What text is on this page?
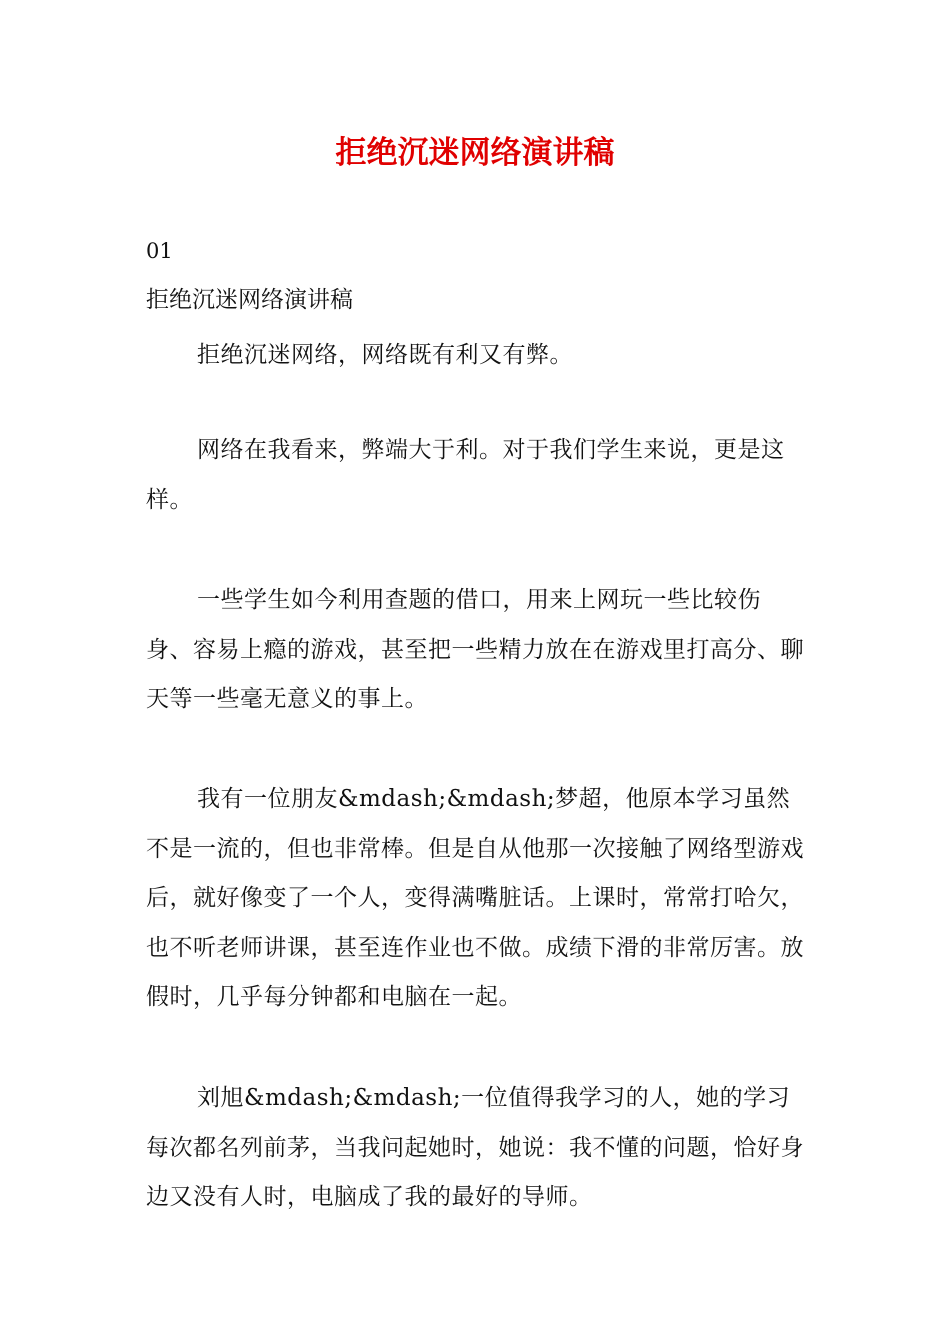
拒绝沉迷网络演讲稿

01

拒绝沉迷网络演讲稿

拒绝沉迷网络，网络既有利又有弊。

网络在我看来，弊端大于利。对于我们学生来说，更是这样。

一些学生如今利用查题的借口，用来上网玩一些比较伤身、容易上瘾的游戏，甚至把一些精力放在在游戏里打高分、聊天等一些毫无意义的事上。

我有一位朋友&mdash;&mdash;梦超，他原本学习虽然不是一流的，但也非常棒。但是自从他那一次接触了网络型游戏后，就好像变了一个人，变得满嘴脏话。上课时，常常打哈欠，也不听老师讲课，甚至连作业也不做。成绩下滑的非常厉害。放假时，几乎每分钟都和电脑在一起。

刘旭&mdash;&mdash;一位值得我学习的人，她的学习每次都名列前茅，当我问起她时，她说：我不懂的问题，恰好身边又没有人时，电脑成了我的最好的导师。
